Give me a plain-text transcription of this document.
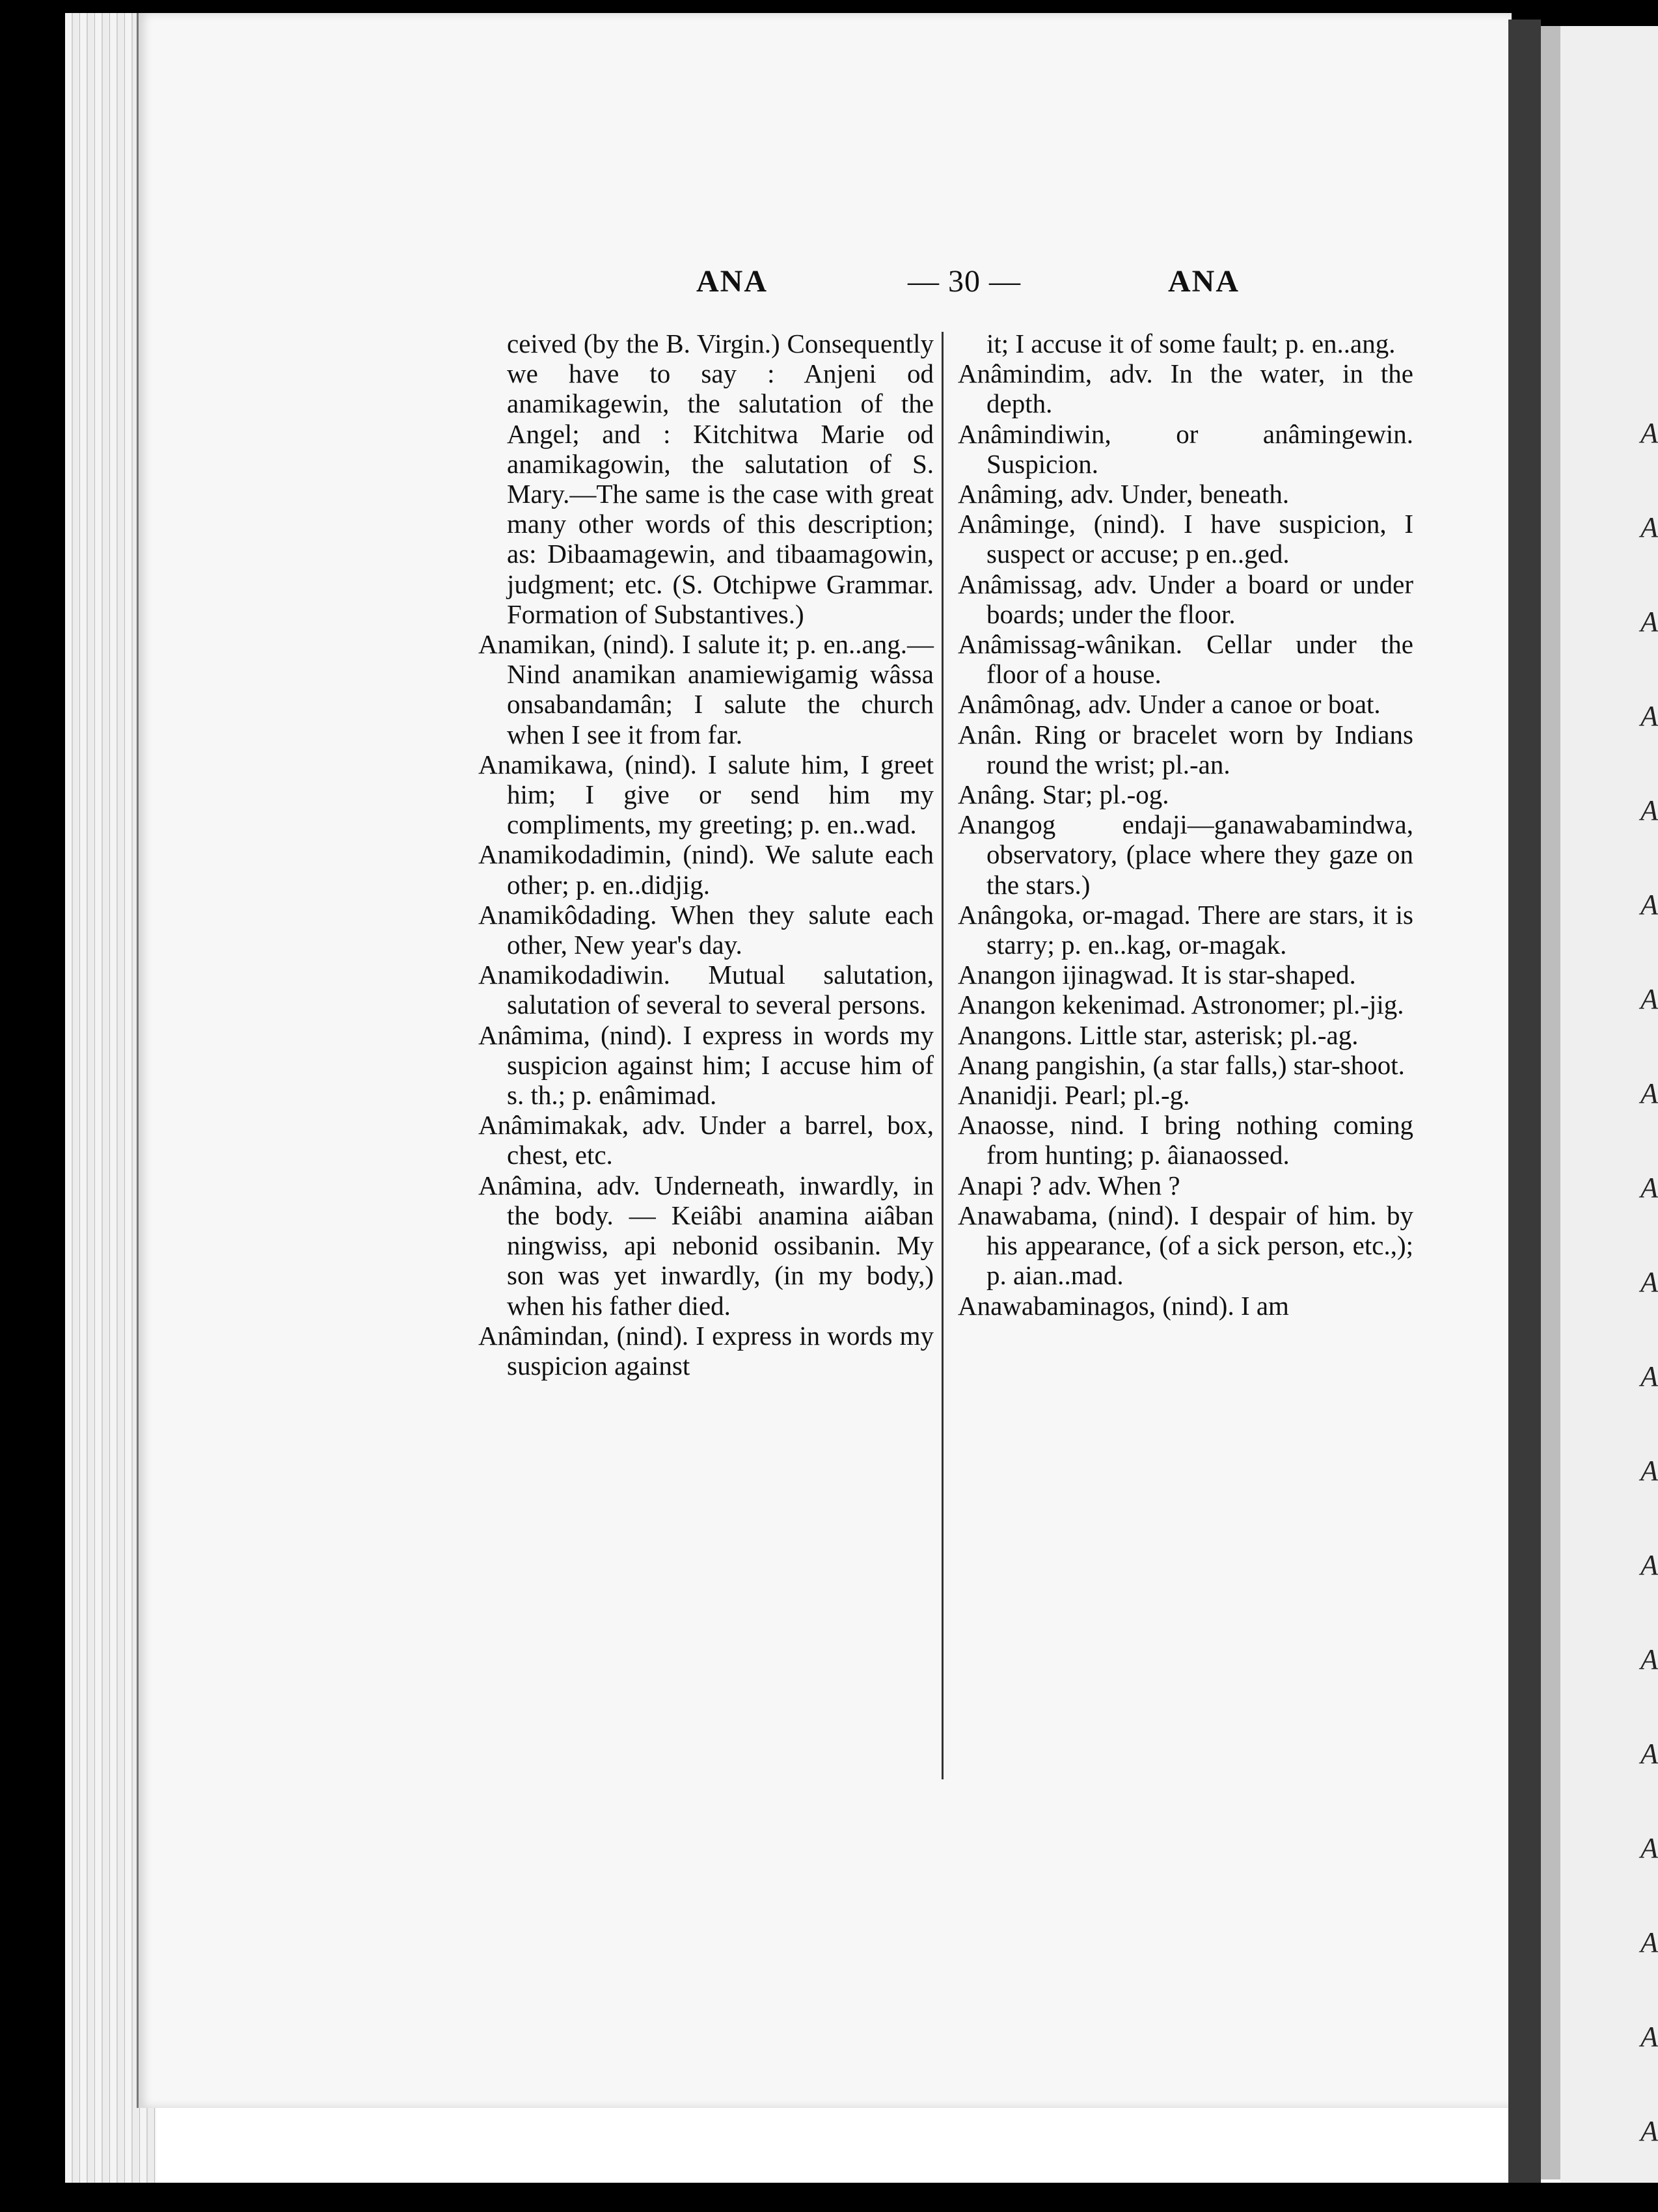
A
A
A
A
A
A
A
A
A
A
A
A
A
A
A
A
A
A
A
ANA	— 30 —	ANA

ceived (by the B. Virgin.) Consequently we have to say : Anjeni od anamikagewin, the salutation of the Angel; and : Kitchitwa Marie od anamikagowin, the salutation of S. Mary.—The same is the case with great many other words of this description; as: Dibaamagewin, and tibaamagowin, judgment; etc. (S. Otchipwe Grammar. Formation of Substantives.)

Anamikan, (nind). I salute it; p. en..ang.—Nind anamikan anamiewigamig wâssa onsabandamân; I salute the church when I see it from far.

Anamikawa, (nind). I salute him, I greet him; I give or send him my compliments, my greeting; p. en..wad.

Anamikodadimin, (nind). We salute each other; p. en..didjig.

Anamikôdading. When they salute each other, New year's day.

Anamikodadiwin. Mutual salutation, salutation of several to several persons.

Anâmima, (nind). I express in words my suspicion against him; I accuse him of s. th.; p. enâmimad.

Anâmimakak, adv. Under a barrel, box, chest, etc.

Anâmina, adv. Underneath, inwardly, in the body. — Keiâbi anamina aiâban ningwiss, api nebonid ossibanin. My son was yet inwardly, (in my body,) when his father died.

Anâmindan, (nind). I express in words my suspicion against

it; I accuse it of some fault; p. en..ang.

Anâmindim, adv. In the water, in the depth.

Anâmindiwin, or anâmingewin. Suspicion.

Anâming, adv. Under, beneath.

Anâminge, (nind). I have suspicion, I suspect or accuse; p en..ged.

Anâmissag, adv. Under a board or under boards; under the floor.

Anâmissag-wânikan. Cellar under the floor of a house.

Anâmônag, adv. Under a canoe or boat.

Anân. Ring or bracelet worn by Indians round the wrist; pl.-an.

Anâng. Star; pl.-og.

Anangog endaji—ganawabamindwa, observatory, (place where they gaze on the stars.)

Anângoka, or-magad. There are stars, it is starry; p. en..kag, or-magak.

Anangon ijinagwad. It is star-shaped.

Anangon kekenimad. Astronomer; pl.-jig.

Anangons. Little star, asterisk; pl.-ag.

Anang pangishin, (a star falls,) star-shoot.

Ananidji. Pearl; pl.-g.

Anaosse, nind. I bring nothing coming from hunting; p. âianaossed.

Anapi ? adv. When ?

Anawabama, (nind). I despair of him. by his appearance, (of a sick person, etc.,); p. aian..mad.

Anawabaminagos, (nind). I am
